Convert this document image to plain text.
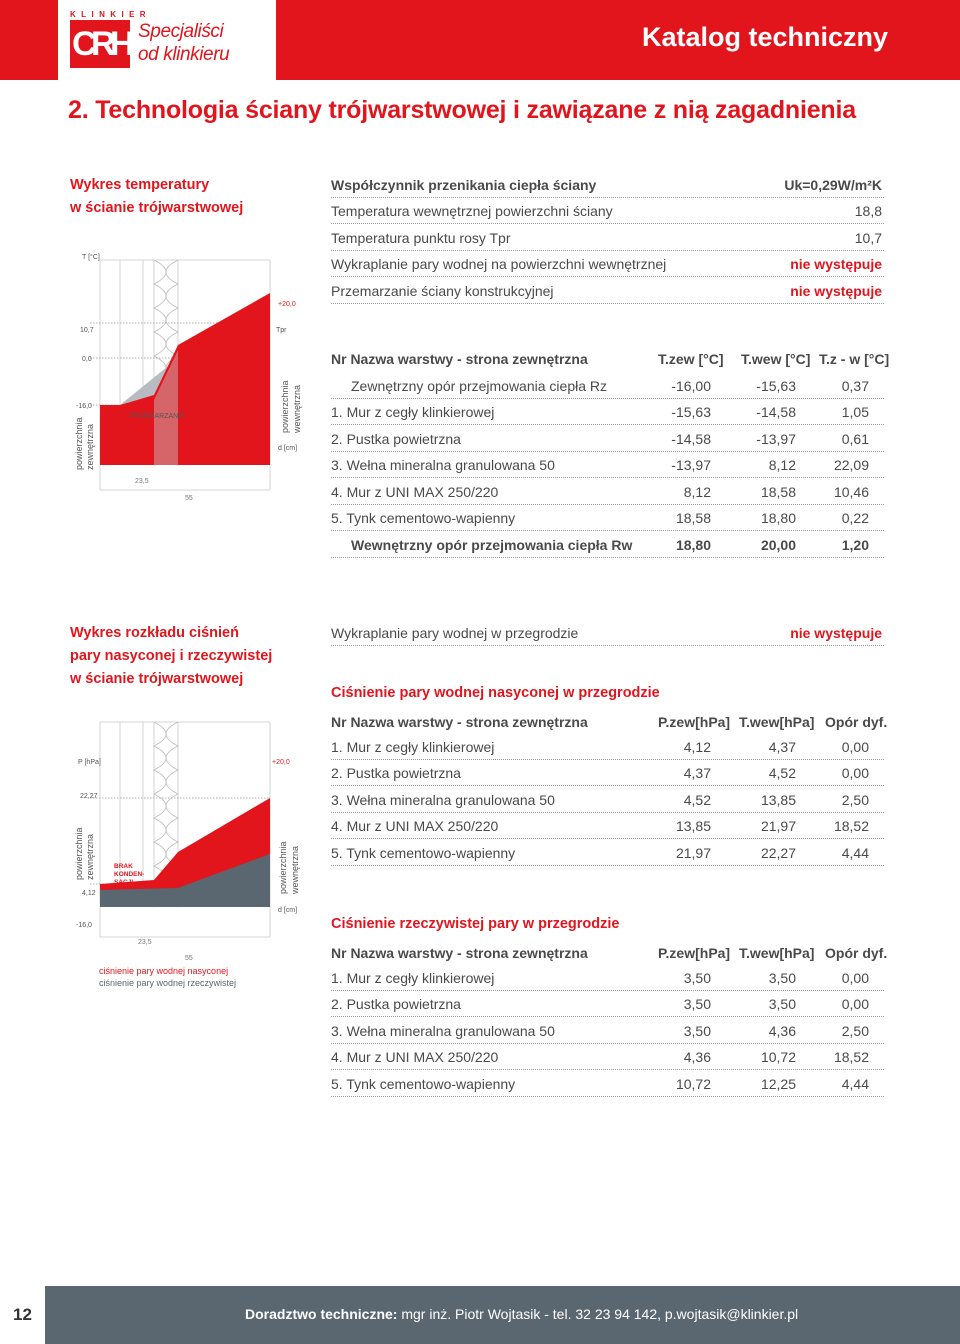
KLINKIER
C
R
H Specjaliści
od klinkieru
Katalog techniczny
2. Technologia ściany trójwarstwowej i zawiązane z nią zagadnienia
Wykres temperatury
w ścianie trójwarstwowej
T [°C]
+20,0
10,7	Tpr
0,0
-16,0
PRZEMARZANIE
powierzchnia zewnętrzna
powierzchnia wewnętrzna
d [cm]
23,5
55
Współczynnik przenikania ciepła ściany	Uk=0,29W/m²K
Temperatura wewnętrznej powierzchni ściany	18,8
Temperatura punktu rosy Tpr	10,7
Wykraplanie pary wodnej na powierzchni wewnętrznej	nie występuje
Przemarzanie ściany konstrukcyjnej	nie występuje
Nr Nazwa warstwy - strona zewnętrzna	T.zew [°C] T.wew [°C] T.z - w [°C]
Zewnętrzny opór przejmowania ciepła Rz	-16,00	-15,63	0,37
1. Mur z cegły klinkierowej	-15,63	-14,58	1,05
2. Pustka powietrzna	-14,58	-13,97	0,61
3. Wełna mineralna granulowana 50	-13,97	8,12	22,09
4. Mur z UNI MAX 250/220	8,12	18,58	10,46
5. Tynk cementowo-wapienny	18,58	18,80	0,22
Wewnętrzny opór przejmowania ciepła Rw	18,80	20,00	1,20
Wykres rozkładu ciśnień
pary nasyconej i rzeczywistej
w ścianie trójwarstwowej
P [hPa]	+20,0
22,27
4,12
-16,0
BRAK
KONDEN-
SACJI
powierzchnia zewnętrzna	powierzchnia wewnętrzna
d [cm]
23,5
55
ciśnienie pary wodnej nasyconej
ciśnienie pary wodnej rzeczywistej
Wykraplanie pary wodnej w przegrodzie	nie występuje
Ciśnienie pary wodnej nasyconej w przegrodzie
Nr Nazwa warstwy - strona zewnętrzna	P.zew[hPa] T.wew[hPa] Opór dyf.
1. Mur z cegły klinkierowej	4,12	4,37	0,00
2. Pustka powietrzna	4,37	4,52	0,00
3. Wełna mineralna granulowana 50	4,52	13,85	2,50
4. Mur z UNI MAX 250/220	13,85	21,97	18,52
5. Tynk cementowo-wapienny	21,97	22,27	4,44
Ciśnienie rzeczywistej pary w przegrodzie
Nr Nazwa warstwy - strona zewnętrzna	P.zew[hPa] T.wew[hPa] Opór dyf.
1. Mur z cegły klinkierowej	3,50	3,50	0,00
2. Pustka powietrzna	3,50	3,50	0,00
3. Wełna mineralna granulowana 50	3,50	4,36	2,50
4. Mur z UNI MAX 250/220	4,36	10,72	18,52
5. Tynk cementowo-wapienny	10,72	12,25	4,44
12	Doradztwo techniczne: mgr inż. Piotr Wojtasik - tel. 32 23 94 142, p.wojtasik@klinkier.pl
